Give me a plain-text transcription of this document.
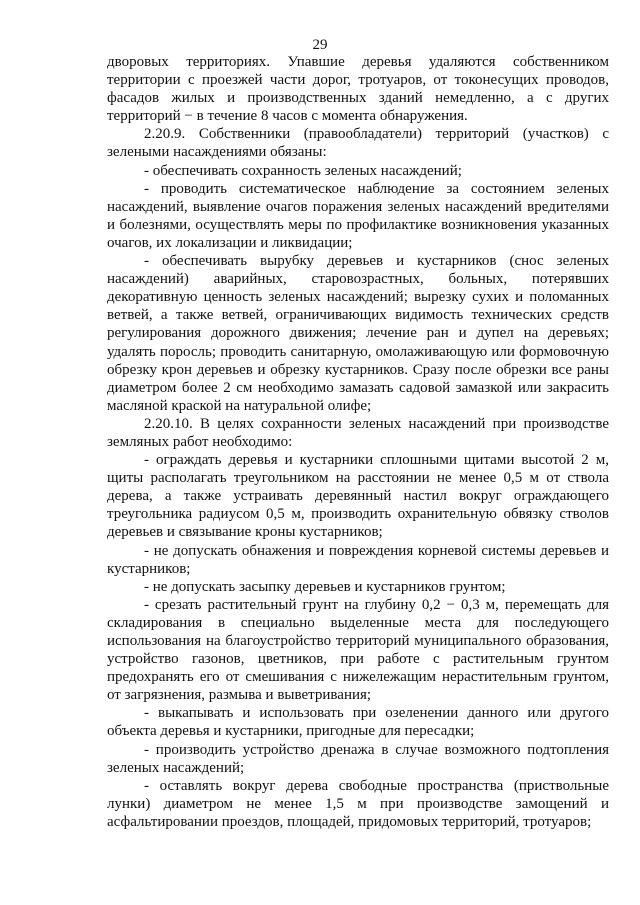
29

дворовых территориях. Упавшие деревья удаляются собственником территории с проезжей части дорог, тротуаров, от токонесущих проводов, фасадов жилых и производственных зданий немедленно, а с других территорий − в течение 8 часов с момента обнаружения.

2.20.9. Собственники (правообладатели) территорий (участков) с зелеными насаждениями обязаны:

- обеспечивать сохранность зеленых насаждений;

- проводить систематическое наблюдение за состоянием зеленых насаждений, выявление очагов поражения зеленых насаждений вредителями и болезнями, осуществлять меры по профилактике возникновения указанных очагов, их локализации и ликвидации;

- обеспечивать вырубку деревьев и кустарников (снос зеленых насаждений) аварийных, старовозрастных, больных, потерявших декоративную ценность зеленых насаждений; вырезку сухих и поломанных ветвей, а также ветвей, ограничивающих видимость технических средств регулирования дорожного движения; лечение ран и дупел на деревьях; удалять поросль; проводить санитарную, омолаживающую или формовочную обрезку крон деревьев и обрезку кустарников. Сразу после обрезки все раны диаметром более 2 см необходимо замазать садовой замазкой или закрасить масляной краской на натуральной олифе;

2.20.10. В целях сохранности зеленых насаждений при производстве земляных работ необходимо:

- ограждать деревья и кустарники сплошными щитами высотой 2 м, щиты располагать треугольником на расстоянии не менее 0,5 м от ствола дерева, а также устраивать деревянный настил вокруг ограждающего треугольника радиусом 0,5 м, производить охранительную обвязку стволов деревьев и связывание кроны кустарников;

- не допускать обнажения и повреждения корневой системы деревьев и кустарников;

- не допускать засыпку деревьев и кустарников грунтом;

- срезать растительный грунт на глубину 0,2 − 0,3 м, перемещать для складирования в специально выделенные места для последующего использования на благоустройство территорий муниципального образования, устройство газонов, цветников, при работе с растительным грунтом предохранять его от смешивания с нижележащим нерастительным грунтом, от загрязнения, размыва и выветривания;

- выкапывать и использовать при озеленении данного или другого объекта деревья и кустарники, пригодные для пересадки;

- производить устройство дренажа в случае возможного подтопления зеленых насаждений;

- оставлять вокруг дерева свободные пространства (приствольные лунки) диаметром не менее 1,5 м при производстве замощений и асфальтировании проездов, площадей, придомовых территорий, тротуаров;
